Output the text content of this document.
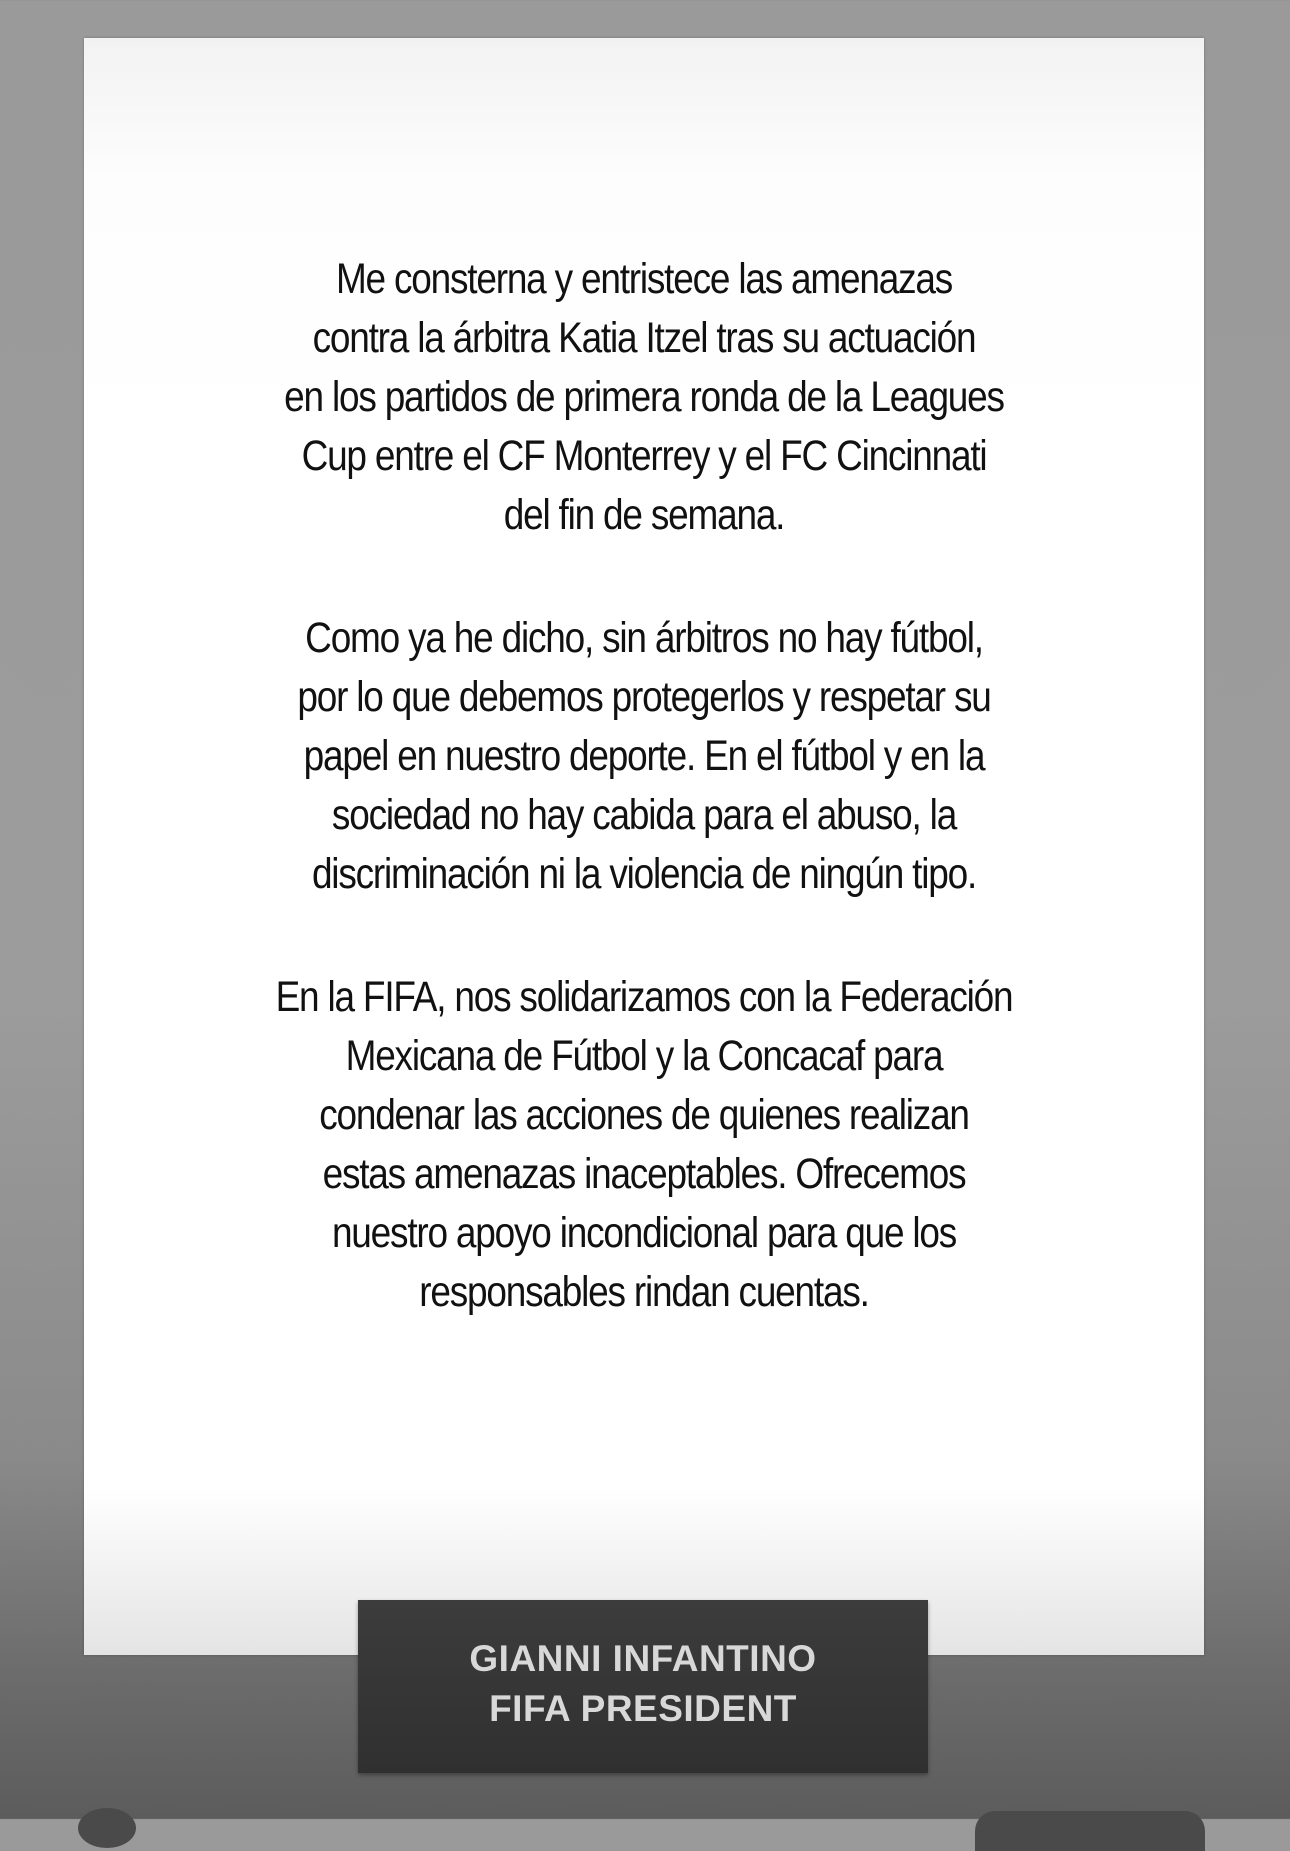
Me consterna y entristece las amenazas
contra la árbitra Katia Itzel tras su actuación
en los partidos de primera ronda de la Leagues
Cup entre el CF Monterrey y el FC Cincinnati
del fin de semana.

Como ya he dicho, sin árbitros no hay fútbol,
por lo que debemos protegerlos y respetar su
papel en nuestro deporte. En el fútbol y en la
sociedad no hay cabida para el abuso, la
discriminación ni la violencia de ningún tipo.

En la FIFA, nos solidarizamos con la Federación
Mexicana de Fútbol y la Concacaf para
condenar las acciones de quienes realizan
estas amenazas inaceptables. Ofrecemos
nuestro apoyo incondicional para que los
responsables rindan cuentas.

GIANNI INFANTINO
FIFA PRESIDENT
